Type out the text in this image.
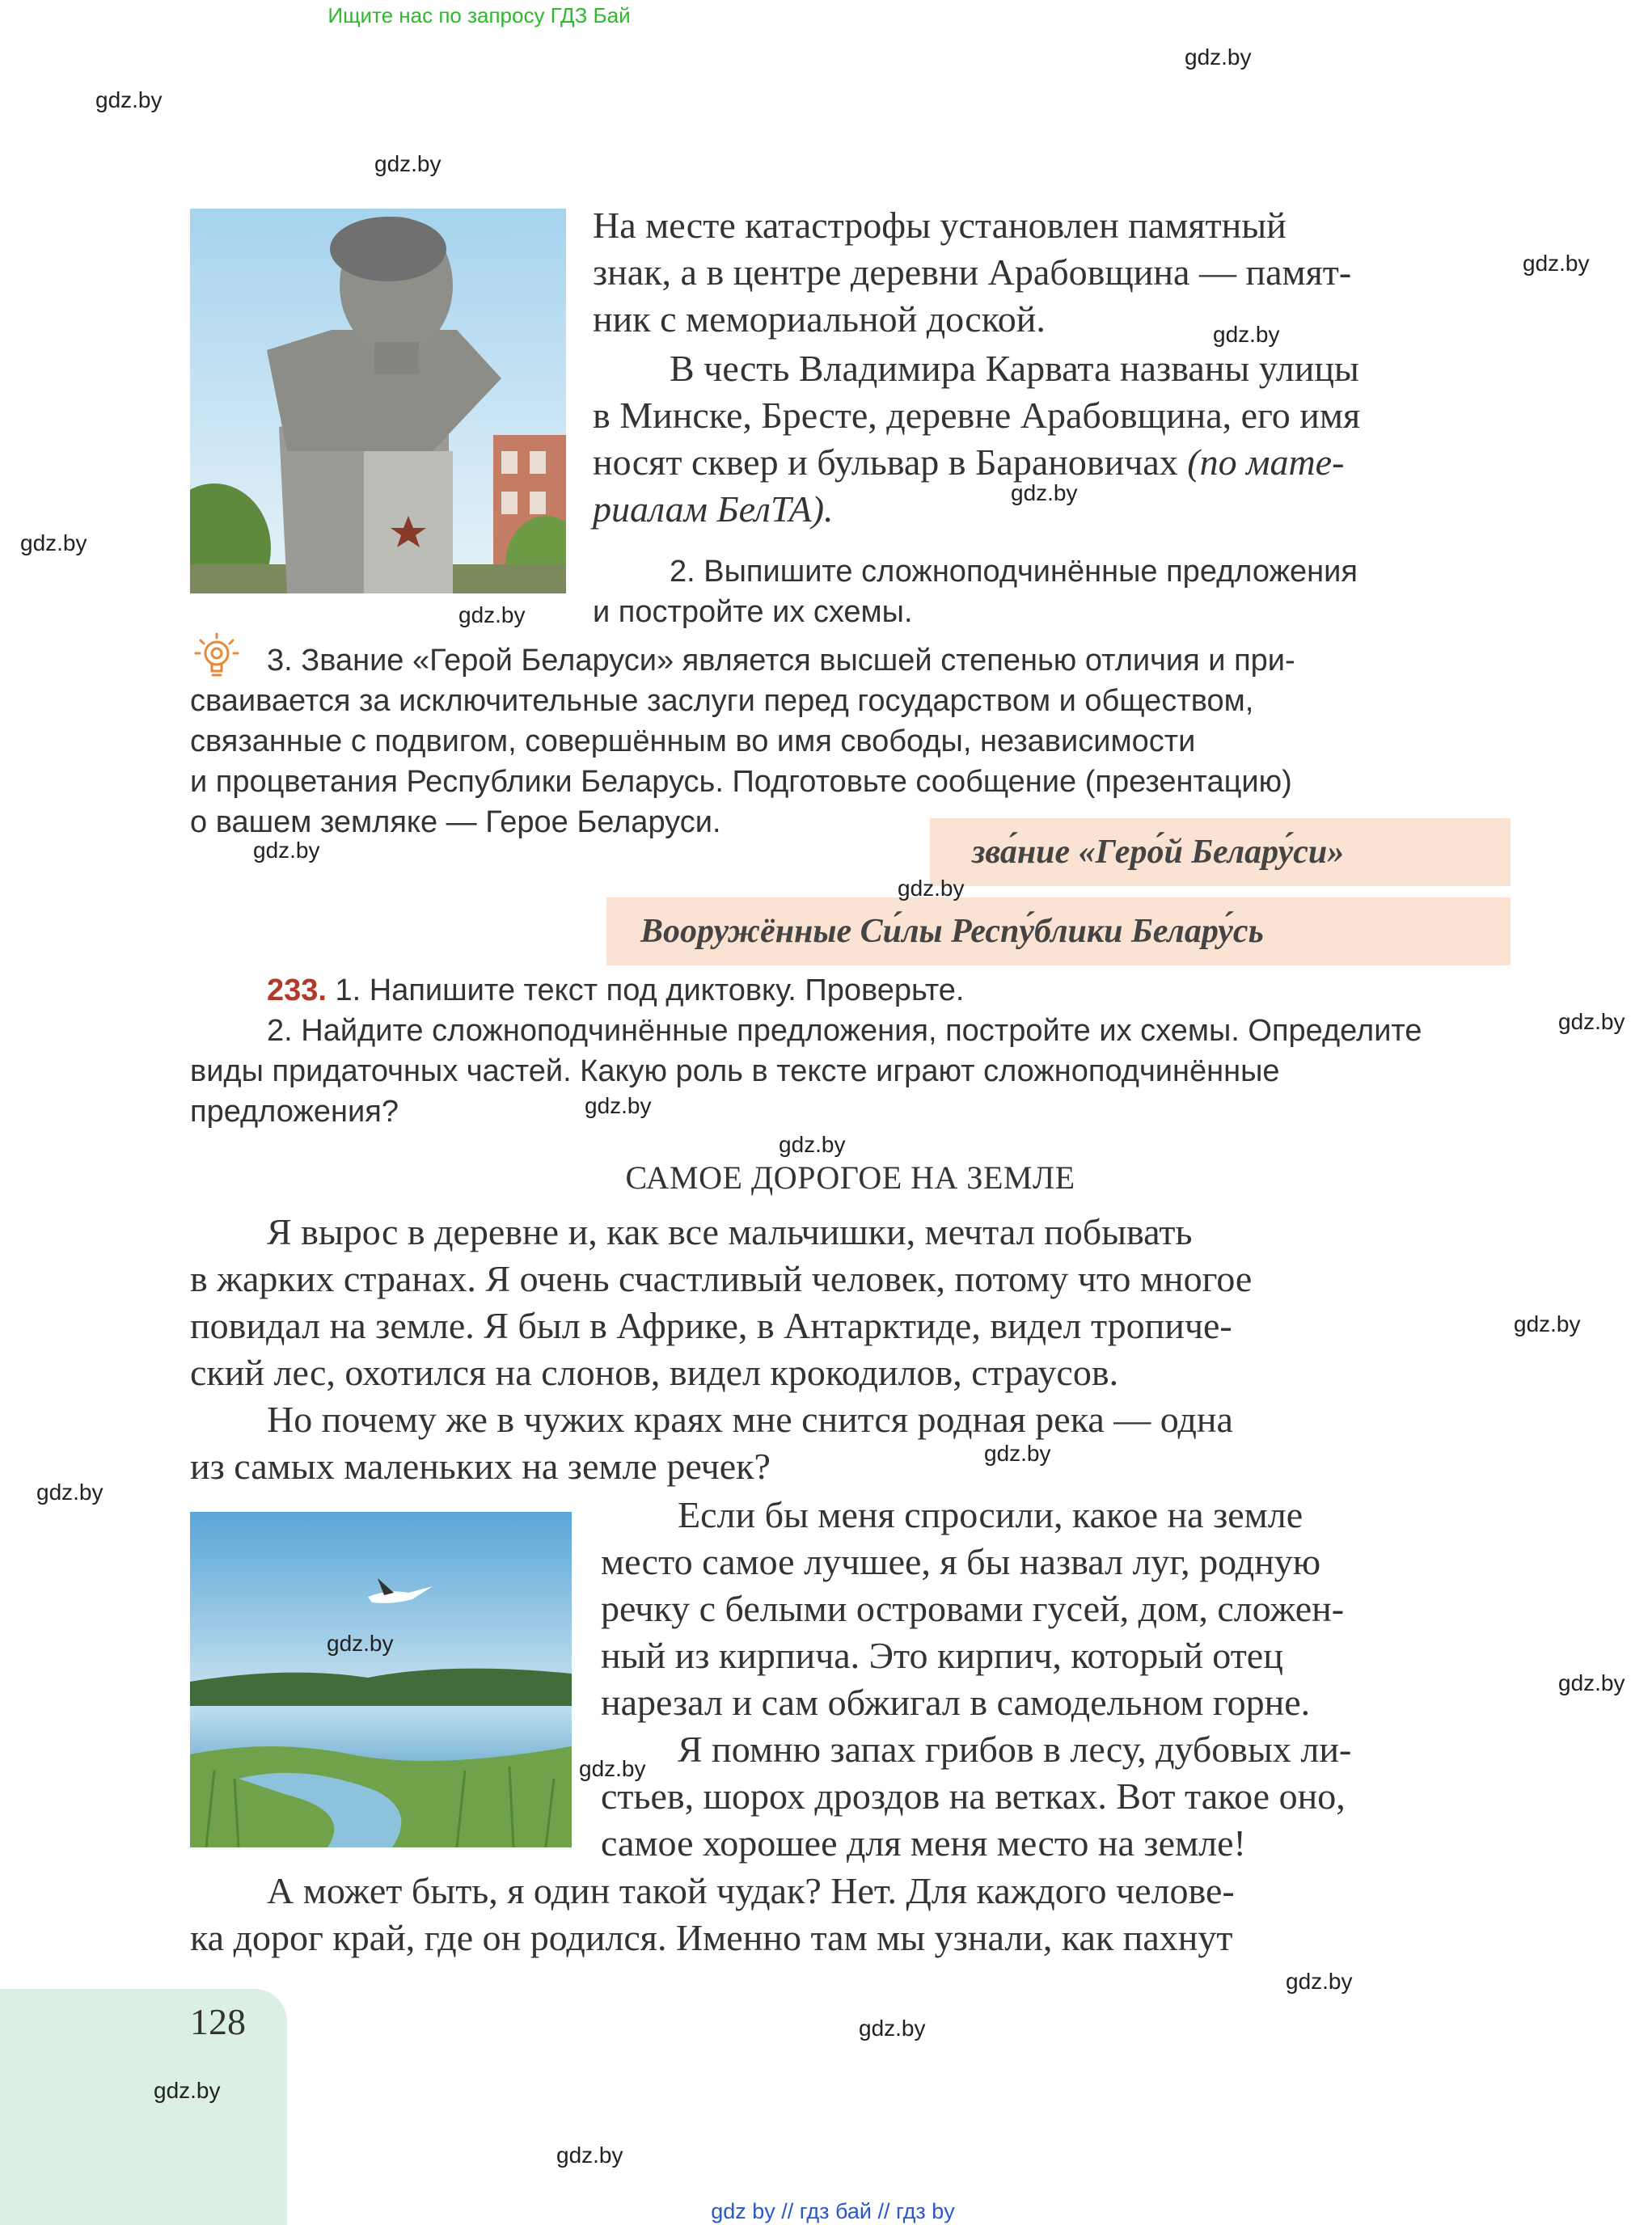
Ищите нас по запросу ГДЗ Бай
gdz by // гдз бай // гдз by
На месте катастрофы установлен памятный
знак, а в центре деревни Арабовщина — памят-
ник с мемориальной доской.
В честь Владимира Карвата названы улицы
в Минске, Бресте, деревне Арабовщина, его имя
носят сквер и бульвар в Барановичах (по мате-
риалам БелТА).
2. Выпишите сложноподчинённые предложения
и постройте их схемы.
3. Звание «Герой Беларуси» является высшей степенью отличия и при-
сваивается за исключительные заслуги перед государством и обществом,
связанные с подвигом, совершённым во имя свободы, независимости
и процветания Республики Беларусь. Подготовьте сообщение (презентацию)
о вашем земляке — Герое Беларуси.
зва́ние «Геро́й Белару́си»
Вооружённые Си́лы Респу́блики Белару́сь
233. 1. Напишите текст под диктовку. Проверьте.
2. Найдите сложноподчинённые предложения, постройте их схемы. Определите
виды придаточных частей. Какую роль в тексте играют сложноподчинённые
предложения?
САМОЕ ДОРОГОЕ НА ЗЕМЛЕ
Я вырос в деревне и, как все мальчишки, мечтал побывать
в жарких странах. Я очень счастливый человек, потому что многое
повидал на земле. Я был в Африке, в Антарктиде, видел тропиче-
ский лес, охотился на слонов, видел крокодилов, страусов.
Но почему же в чужих краях мне снится родная река — одна
из самых маленьких на земле речек?
Если бы меня спросили, какое на земле
место самое лучшее, я бы назвал луг, родную
речку с белыми островами гусей, дом, сложен-
ный из кирпича. Это кирпич, который отец
нарезал и сам обжигал в самодельном горне.
Я помню запах грибов в лесу, дубовых ли-
стьев, шорох дроздов на ветках. Вот такое оно,
самое хорошее для меня место на земле!
А может быть, я один такой чудак? Нет. Для каждого челове-
ка дорог край, где он родился. Именно там мы узнали, как пахнут
128
gdz.by
gdz.by
gdz.by
gdz.by
gdz.by
gdz.by
gdz.by
gdz.by
gdz.by
gdz.by
gdz.by
gdz.by
gdz.by
gdz.by
gdz.by
gdz.by
gdz.by
gdz.by
gdz.by
gdz.by
gdz.by
gdz.by
gdz.by
